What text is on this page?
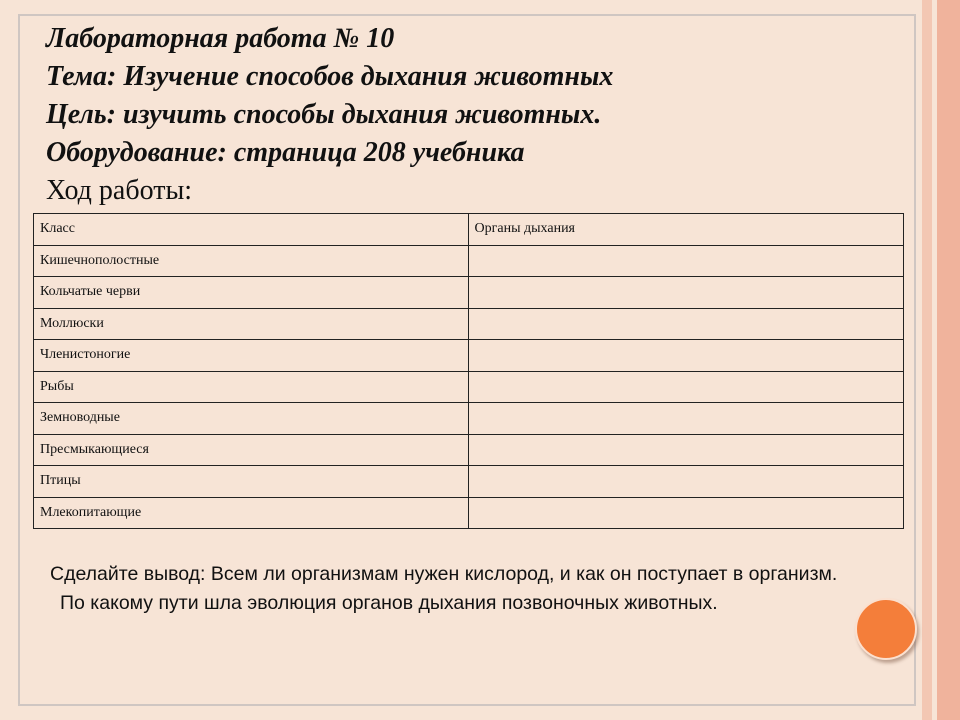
Лабораторная работа № 10
Тема: Изучение способов дыхания животных
Цель: изучить способы дыхания животных.
Оборудование: страница 208 учебника
Ход работы:
Класс	Органы дыхания
Кишечнополостные	
Кольчатые черви	
Моллюски	
Членистоногие	
Рыбы	
Земноводные	
Пресмыкающиеся	
Птицы	
Млекопитающие	
Сделайте вывод: Всем ли организмам нужен кислород, и как он поступает в организм.
По какому пути шла эволюция органов дыхания позвоночных животных.
